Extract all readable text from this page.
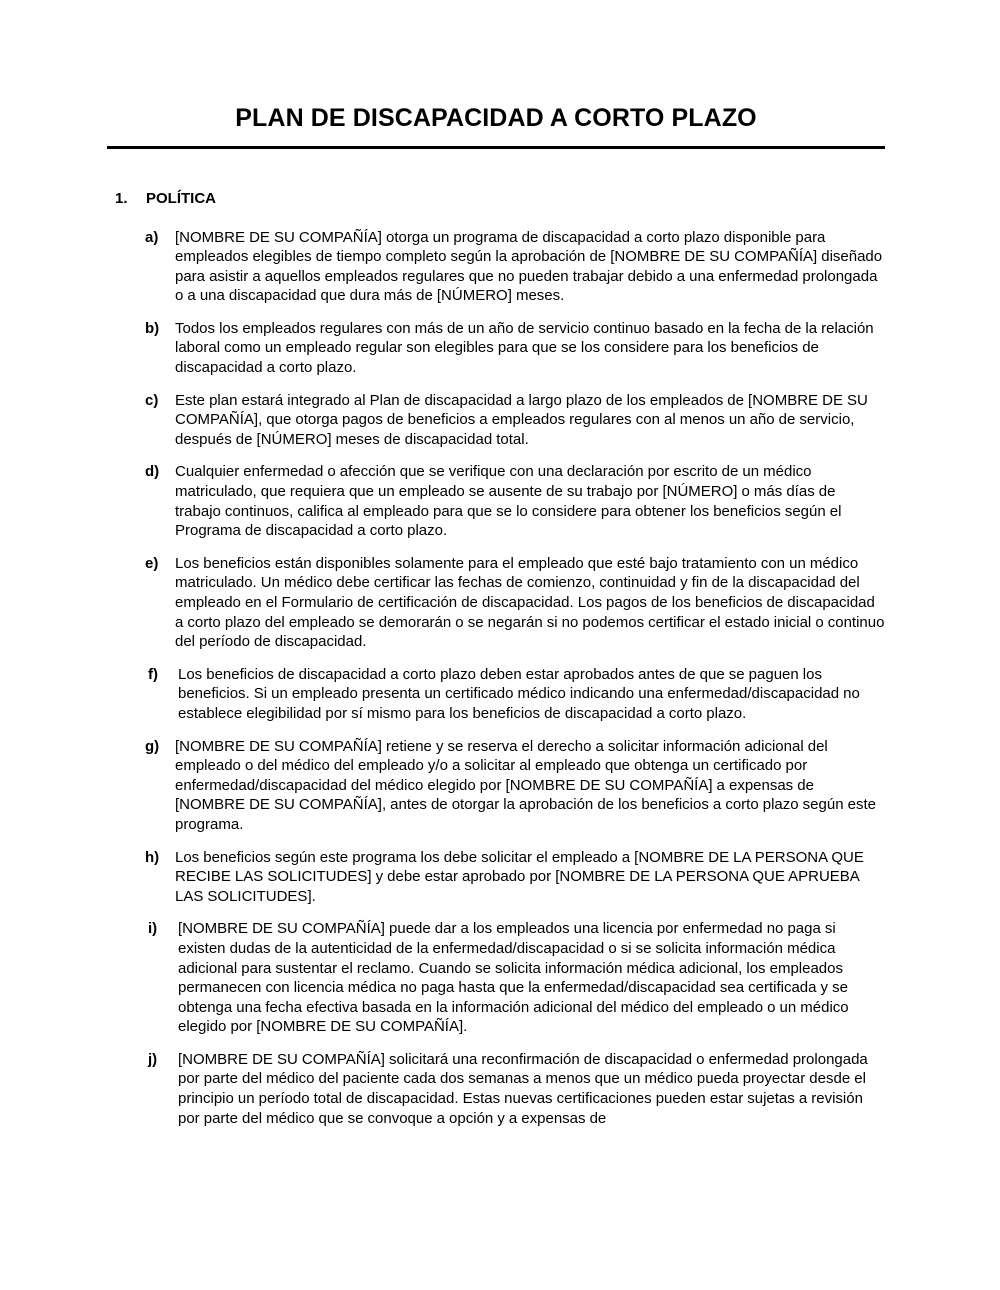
PLAN DE DISCAPACIDAD A CORTO PLAZO
1.	POLÍTICA
a)	[NOMBRE DE SU COMPAÑÍA] otorga un programa de discapacidad a corto plazo disponible para empleados elegibles de tiempo completo según la aprobación de [NOMBRE DE SU COMPAÑÍA] diseñado para asistir a aquellos empleados regulares que no pueden trabajar debido a una enfermedad prolongada o a una discapacidad que dura más de [NÚMERO] meses.
b)	Todos los empleados regulares con más de un año de servicio continuo basado en la fecha de la relación laboral como un empleado regular son elegibles para que se los considere para los beneficios de discapacidad a corto plazo.
c)	Este plan estará integrado al Plan de discapacidad a largo plazo de los empleados de [NOMBRE DE SU COMPAÑÍA], que otorga pagos de beneficios a empleados regulares con al menos un año de servicio, después de [NÚMERO] meses de discapacidad total.
d)	Cualquier enfermedad o afección que se verifique con una declaración por escrito de un médico matriculado, que requiera que un empleado se ausente de su trabajo por [NÚMERO] o más días de trabajo continuos, califica al empleado para que se lo considere para obtener los beneficios según el Programa de discapacidad a corto plazo.
e)	Los beneficios están disponibles solamente para el empleado que esté bajo tratamiento con un médico matriculado. Un médico debe certificar las fechas de comienzo, continuidad y fin de la discapacidad del empleado en el Formulario de certificación de discapacidad. Los pagos de los beneficios de discapacidad a corto plazo del empleado se demorarán o se negarán si no podemos certificar el estado inicial o continuo del período de discapacidad.
f)	Los beneficios de discapacidad a corto plazo deben estar aprobados antes de que se paguen los beneficios. Si un empleado presenta un certificado médico indicando una enfermedad/discapacidad no establece elegibilidad por sí mismo para los beneficios de discapacidad a corto plazo.
g)	[NOMBRE DE SU COMPAÑÍA] retiene y se reserva el derecho a solicitar información adicional del empleado o del médico del empleado y/o a solicitar al empleado que obtenga un certificado por enfermedad/discapacidad del médico elegido por [NOMBRE DE SU COMPAÑÍA] a expensas de [NOMBRE DE SU COMPAÑÍA], antes de otorgar la aprobación de los beneficios a corto plazo según este programa.
h)	Los beneficios según este programa los debe solicitar el empleado a [NOMBRE DE LA PERSONA QUE RECIBE LAS SOLICITUDES] y debe estar aprobado por [NOMBRE DE LA PERSONA QUE APRUEBA LAS SOLICITUDES].
i)	[NOMBRE DE SU COMPAÑÍA] puede dar a los empleados una licencia por enfermedad no paga si existen dudas de la autenticidad de la enfermedad/discapacidad o si se solicita información médica adicional para sustentar el reclamo. Cuando se solicita información médica adicional, los empleados permanecen con licencia médica no paga hasta que la enfermedad/discapacidad sea certificada y se obtenga una fecha efectiva basada en la información adicional del médico del empleado o un médico elegido por [NOMBRE DE SU COMPAÑÍA].
j)	[NOMBRE DE SU COMPAÑÍA] solicitará una reconfirmación de discapacidad o enfermedad prolongada por parte del médico del paciente cada dos semanas a menos que un médico pueda proyectar desde el principio un período total de discapacidad. Estas nuevas certificaciones pueden estar sujetas a revisión por parte del médico que se convoque a opción y a expensas de
